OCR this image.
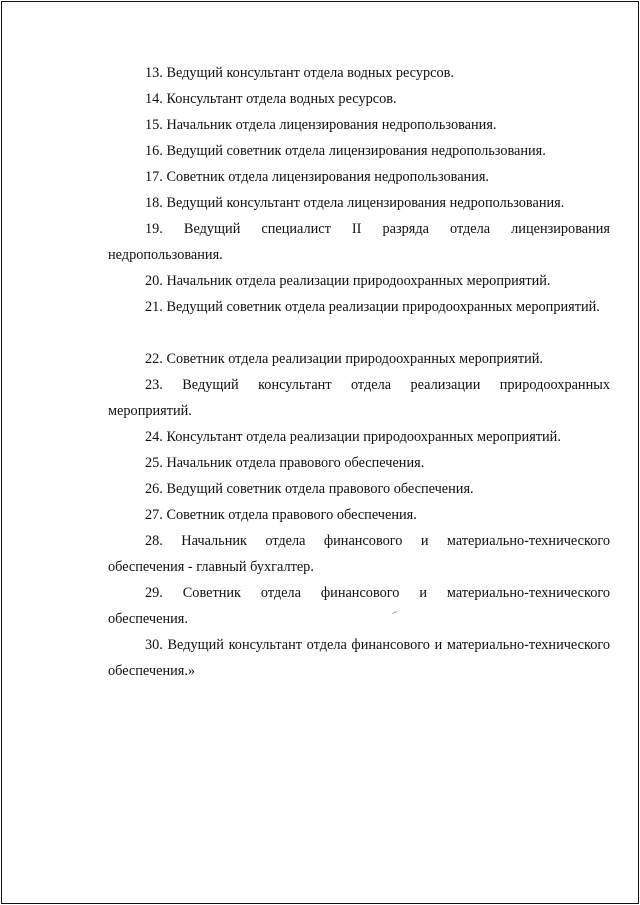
13. Ведущий консультант отдела водных ресурсов.

14. Консультант отдела водных ресурсов.

15. Начальник отдела лицензирования недропользования.

16. Ведущий советник отдела лицензирования недропользования.

17. Советник отдела лицензирования недропользования.

18. Ведущий консультант отдела лицензирования недропользования.

19. Ведущий специалист II разряда отдела лицензирования недропользования.

20. Начальник отдела реализации природоохранных мероприятий.

21. Ведущий советник отдела реализации природоохранных мероприятий.

22. Советник отдела реализации природоохранных мероприятий.

23. Ведущий консультант отдела реализации природоохранных мероприятий.

24. Консультант отдела реализации природоохранных мероприятий.

25. Начальник отдела правового обеспечения.

26. Ведущий советник отдела правового обеспечения.

27. Советник отдела правового обеспечения.

28. Начальник отдела финансового и материально-технического обеспечения - главный бухгалтер.

29. Советник отдела финансового и материально-технического обеспечения.

30. Ведущий консультант отдела финансового и материально-технического обеспечения.»
